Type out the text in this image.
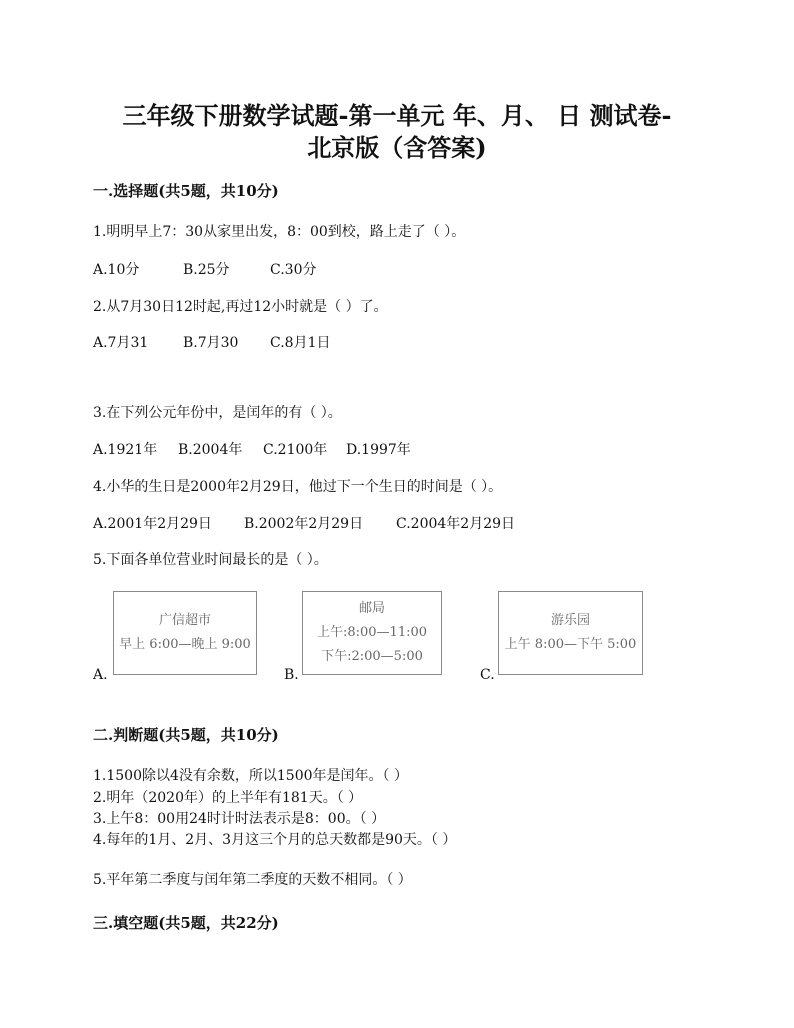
三年级下册数学试题-第一单元 年、月、 日 测试卷-
北京版（含答案)
一.选择题(共5题，共10分)
1.明明早上7：30从家里出发，8：00到校，路上走了（ ）。
A.10分	B.25分	C.30分
2.从7月30日12时起,再过12小时就是（ ）了。
A.7月31 B.7月30 C.8月1日
3.在下列公元年份中，是闰年的有（ ）。
A.1921年 B.2004年 C.2100年 D.1997年
4.小华的生日是2000年2月29日，他过下一个生日的时间是（ ）。
A.2001年2月29日 B.2002年2月29日 C.2004年2月29日
5.下面各单位营业时间最长的是（ ）。
广信超市
早上 6:00—晚上 9:00
A.
邮局
上午:8:00—11:00
下午:2:00—5:00
B.
游乐园
上午 8:00—下午 5:00
C.
二.判断题(共5题，共10分)
1.1500除以4没有余数，所以1500年是闰年。（ ）
2.明年（2020年）的上半年有181天。（ ）
3.上午8：00用24时计时法表示是8：00。（ ）
4.每年的1月、2月、3月这三个月的总天数都是90天。（ ）
5.平年第二季度与闰年第二季度的天数不相同。（ ）
三.填空题(共5题，共22分)
